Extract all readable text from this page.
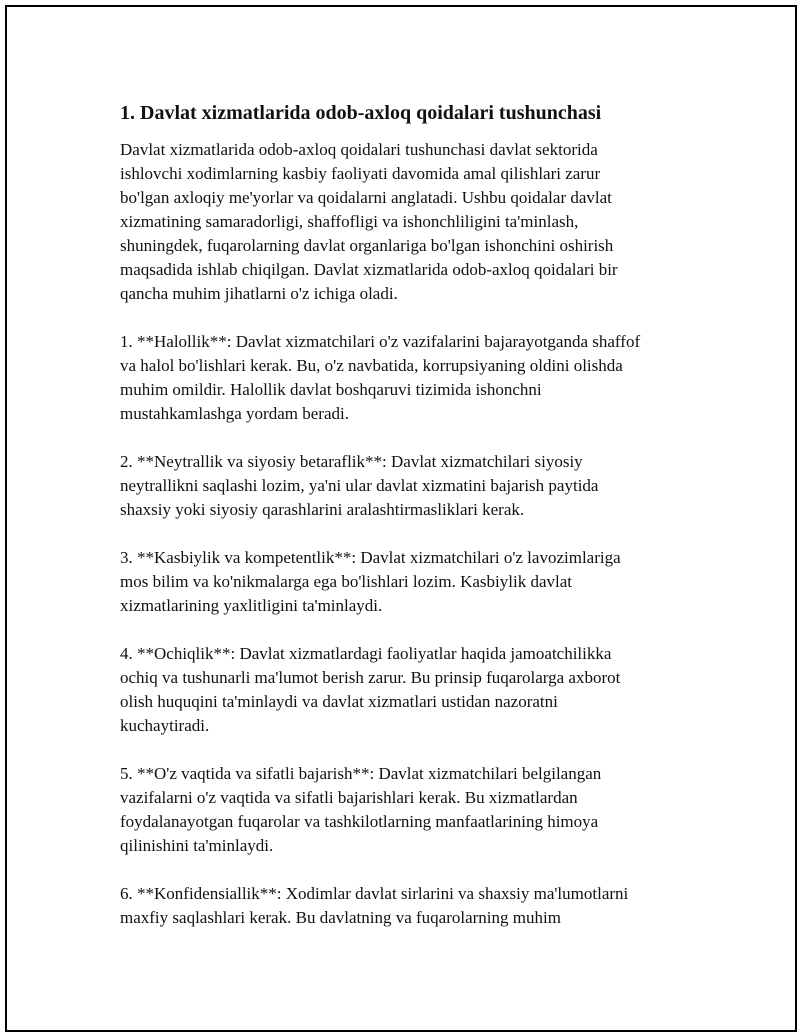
1. Davlat xizmatlarida odob-axloq qoidalari tushunchasi

Davlat xizmatlarida odob-axloq qoidalari tushunchasi davlat sektorida
ishlovchi xodimlarning kasbiy faoliyati davomida amal qilishlari zarur
bo'lgan axloqiy me'yorlar va qoidalarni anglatadi. Ushbu qoidalar davlat
xizmatining samaradorligi, shaffofligi va ishonchliligini ta'minlash,
shuningdek, fuqarolarning davlat organlariga bo'lgan ishonchini oshirish
maqsadida ishlab chiqilgan. Davlat xizmatlarida odob-axloq qoidalari bir
qancha muhim jihatlarni o'z ichiga oladi.

1. **Halollik**: Davlat xizmatchilari o'z vazifalarini bajarayotganda shaffof
va halol bo'lishlari kerak. Bu, o'z navbatida, korrupsiyaning oldini olishda
muhim omildir. Halollik davlat boshqaruvi tizimida ishonchni
mustahkamlashga yordam beradi.

2. **Neytrallik va siyosiy betaraflik**: Davlat xizmatchilari siyosiy
neytrallikni saqlashi lozim, ya'ni ular davlat xizmatini bajarish paytida
shaxsiy yoki siyosiy qarashlarini aralashtirmasliklari kerak.

3. **Kasbiylik va kompetentlik**: Davlat xizmatchilari o'z lavozimlariga
mos bilim va ko'nikmalarga ega bo'lishlari lozim. Kasbiylik davlat
xizmatlarining yaxlitligini ta'minlaydi.

4. **Ochiqlik**: Davlat xizmatlardagi faoliyatlar haqida jamoatchilikka
ochiq va tushunarli ma'lumot berish zarur. Bu prinsip fuqarolarga axborot
olish huquqini ta'minlaydi va davlat xizmatlari ustidan nazoratni
kuchaytiradi.

5. **O'z vaqtida va sifatli bajarish**: Davlat xizmatchilari belgilangan
vazifalarni o'z vaqtida va sifatli bajarishlari kerak. Bu xizmatlardan
foydalanayotgan fuqarolar va tashkilotlarning manfaatlarining himoya
qilinishini ta'minlaydi.

6. **Konfidensiallik**: Xodimlar davlat sirlarini va shaxsiy ma'lumotlarni
maxfiy saqlashlari kerak. Bu davlatning va fuqarolarning muhim
